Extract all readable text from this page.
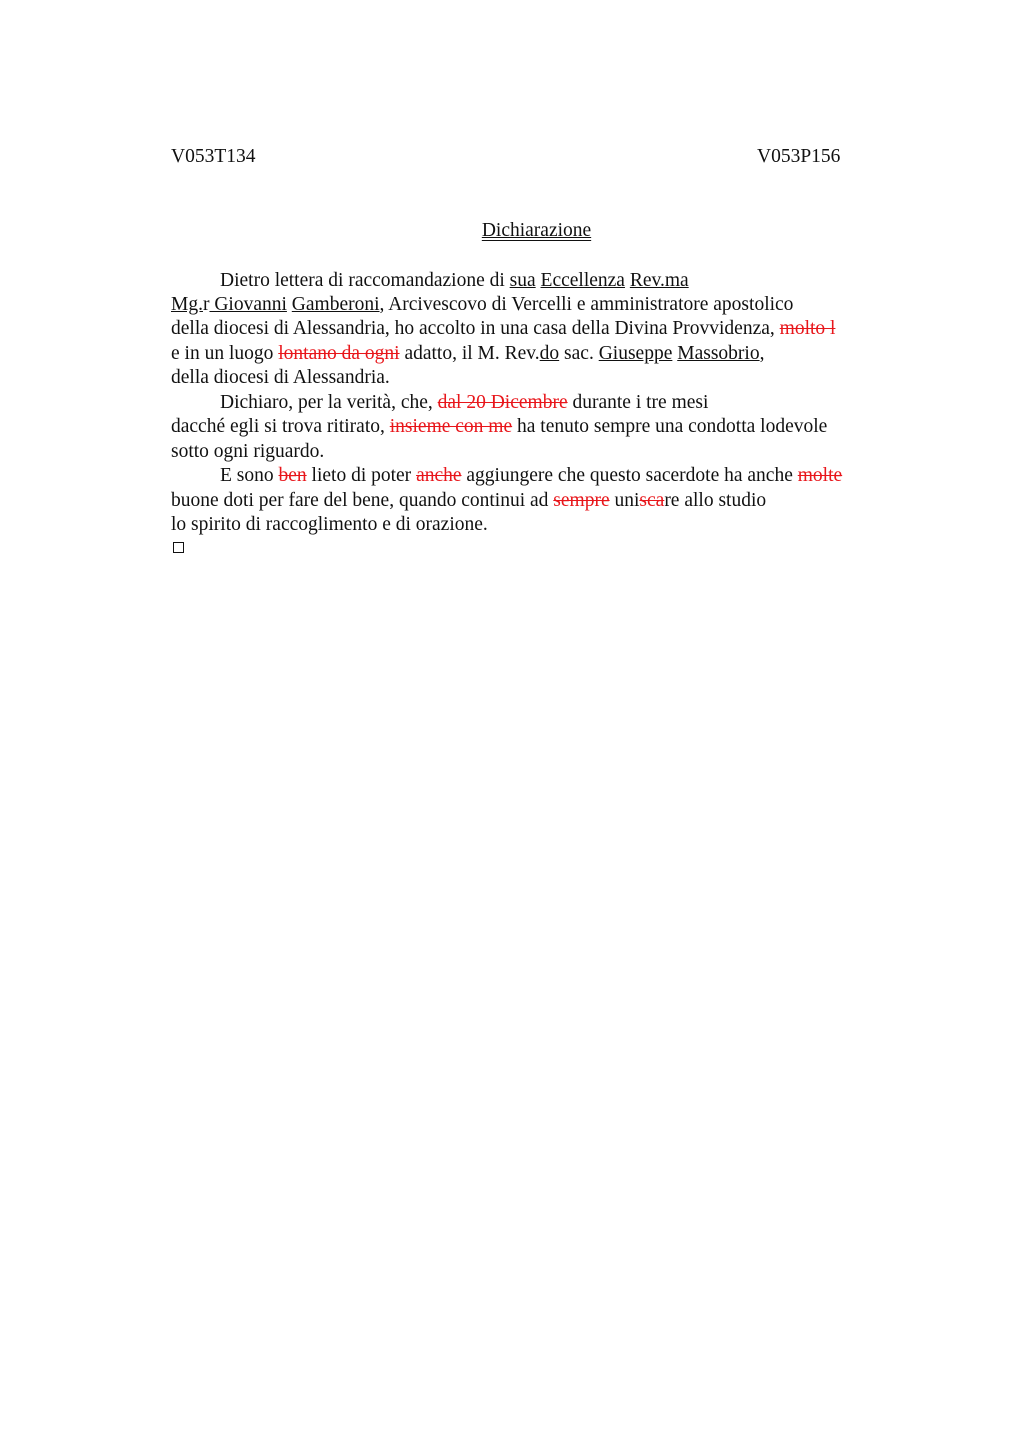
V053T134	V053P156
Dichiarazione
Dietro lettera di raccomandazione di sua Eccellenza Rev.ma
Mg.r Giovanni Gamberoni, Arcivescovo di Vercelli e amministratore apostolico
della diocesi di Alessandria, ho accolto in una casa della Divina Provvidenza, molto l
e in un luogo lontano da ogni adatto, il M. Rev.do sac. Giuseppe Massobrio,
della diocesi di Alessandria.
Dichiaro, per la verità, che, dal 20 Dicembre durante i tre mesi
dacché egli si trova ritirato, insieme con me ha tenuto sempre una condotta lodevole
sotto ogni riguardo.
E sono ben lieto di poter anche aggiungere che questo sacerdote ha anche molte
buone doti per fare del bene, quando continui ad sempre uniscare allo studio
lo spirito di raccoglimento e di orazione.
